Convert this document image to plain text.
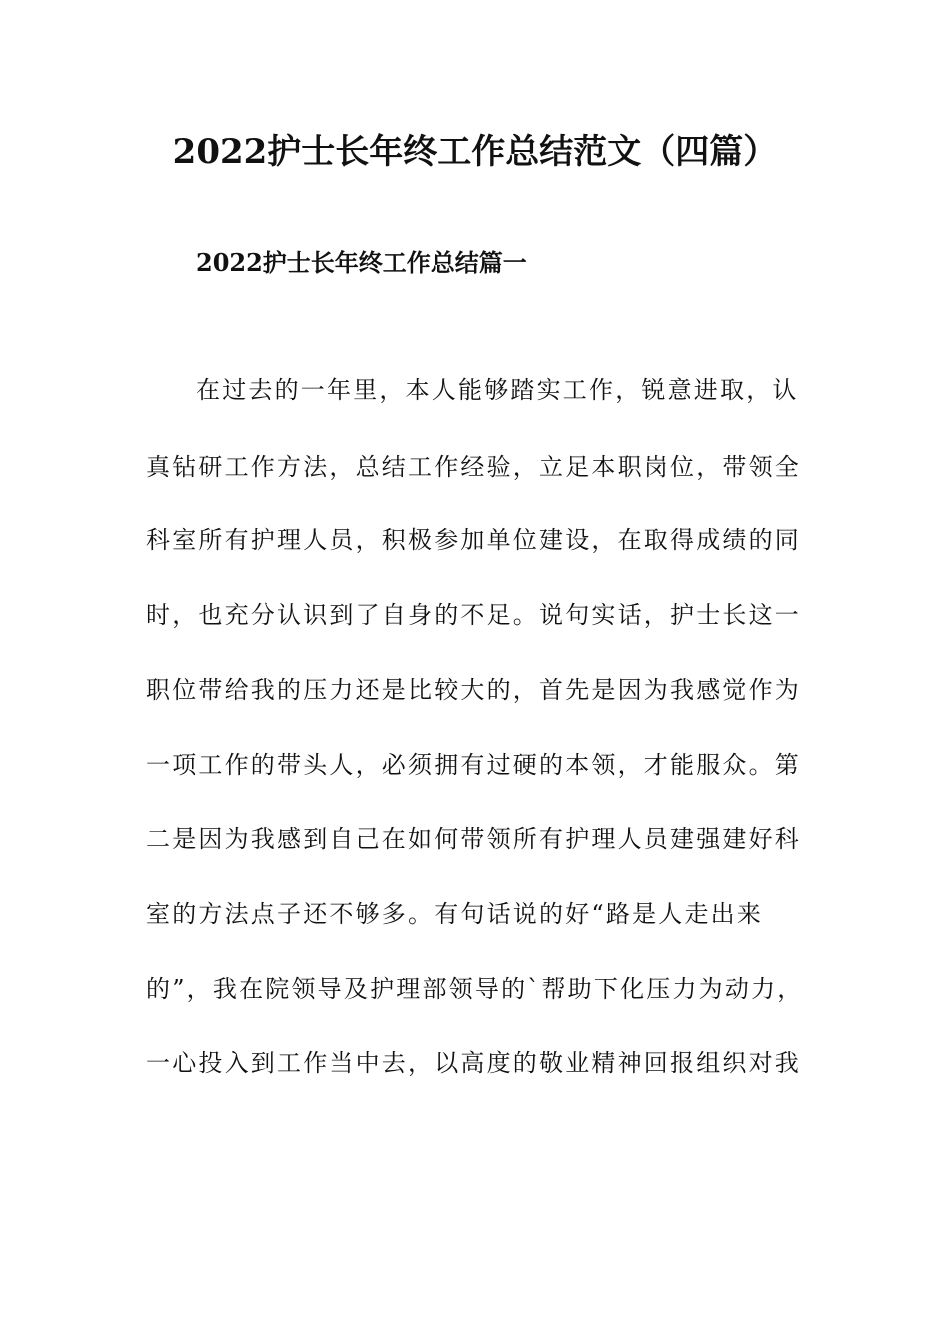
2022护士长年终工作总结范文（四篇）
2022护士长年终工作总结篇一
在过去的一年里，本人能够踏实工作，锐意进取，认
真钻研工作方法，总结工作经验，立足本职岗位，带领全
科室所有护理人员，积极参加单位建设，在取得成绩的同
时，也充分认识到了自身的不足。说句实话，护士长这一
职位带给我的压力还是比较大的，首先是因为我感觉作为
一项工作的带头人，必须拥有过硬的本领，才能服众。第
二是因为我感到自己在如何带领所有护理人员建强建好科
室的方法点子还不够多。有句话说的好“路是人走出来
的”，我在院领导及护理部领导的`帮助下化压力为动力，
一心投入到工作当中去，以高度的敬业精神回报组织对我
